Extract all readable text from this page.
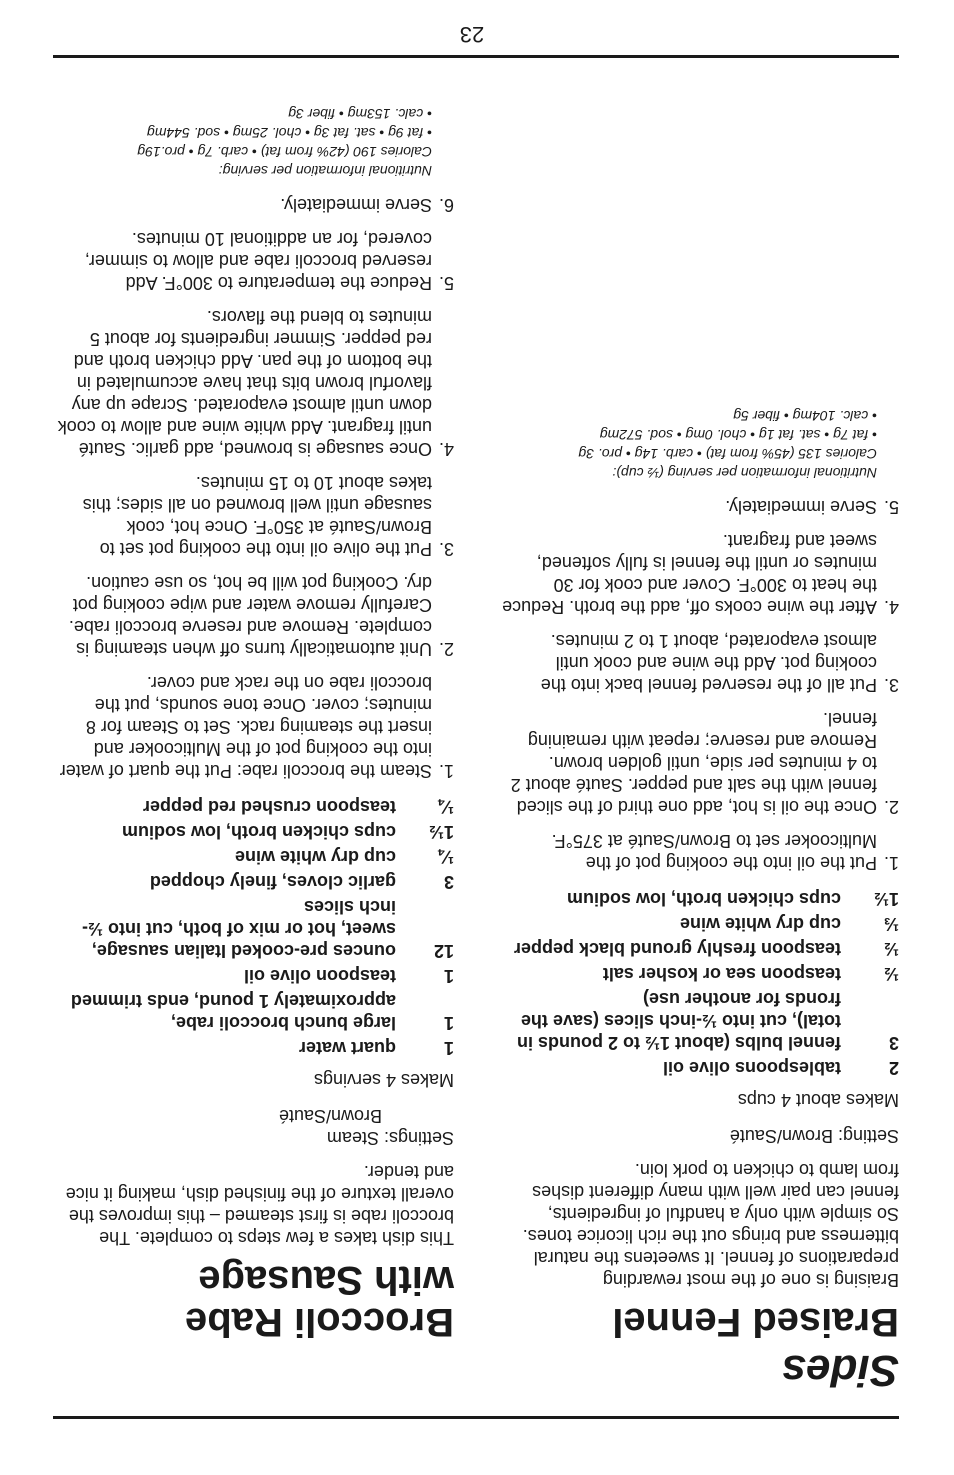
Sides
Braised Fennel

Braising is one of the most rewarding preparations of fennel. It sweetens the natural bitterness and brings out the rich licorice tones. So simple with only a handful of ingredients, fennel can pair well with many different dishes from lamb to chicken to pork loin.

Setting: Brown/Sauté

Makes about 4 cups

2
tablespoons olive oil
3
fennel bulbs (about 1½ to 2 pounds in total), cut into ½-inch slices (save the fronds for another use)
½
teaspoon sea or kosher salt
½
teaspoon freshly ground black pepper
⅓
cup dry white wine
1½
cups chicken broth, low sodium
1.
Put the oil into the cooking pot of the Multicooker set to Brown/Sauté at 375°F.
2.
Once the oil is hot, add one third of the sliced fennel with the salt and pepper. Sauté about 2 to 4 minutes per side, until golden brown. Remove and reserve; repeat with remaining fennel.
3.
Put all of the reserved fennel back into the cooking pot. Add the wine and cook until almost evaporated, about 1 to 2 minutes.
4.
After the wine cooks off, add the broth. Reduce the heat to 300°F. Cover and cook for 30 minutes or until the fennel is fully softened, sweet and fragrant.
5.
Serve immediately.
Nutritional information per serving (½ cup):
Calories 135 (45% from fat) • carb. 14g • pro. 3g
• fat 7g • sat. fat 1g • chol. 0mg • sod. 572mg
• calc. 104mg • fiber 5g
Broccoli Rabe
with Sausage

This dish takes a few steps to complete. The broccoli rabe is first steamed – this improves the overall texture of the finished dish, making it nice and tender.

Settings: Steam

Brown/Sauté

Makes 4 servings

1
quart water
1
large bunch broccoli rabe, approximately 1 pound, ends trimmed
1
teaspoon olive oil
12
ounces pre-cooked Italian sausage, sweet, hot or mix of both, cut into ½-inch slices
3
garlic cloves, finely chopped
¼
cup dry white wine
1½
cups chicken broth, low sodium
¼
teaspoon crushed red pepper
1.
Steam the broccoli rabe: Put the quart of water into the cooking pot of the Multicooker and insert the steaming rack. Set to Steam for 8 minutes; cover. Once tone sounds, put the broccoli rabe on the rack and cover.
2.
Unit automatically turns off when steaming is complete. Remove and reserve broccoli rabe. Carefully remove water and wipe cooking pot dry. Cooking pot will be hot, so use caution.
3.
Put the olive oil into the cooking pot set to Brown/Sauté at 350°F. Once hot, cook sausage until well browned on all sides; this takes about 10 to 15 minutes.
4.
Once sausage is browned, add garlic. Sauté until fragrant. Add white wine and allow to cook down until almost evaporated. Scrape up any flavorful brown bits that have accumulated in the bottom of the pan. Add chicken broth and red pepper. Simmer ingredients for about 5 minutes to blend the flavors.
5.
Reduce the temperature to 300°F. Add reserved broccoli rabe and allow to simmer, covered, for an additional 10 minutes.
6.
Serve immediately.
Nutritional information per serving:
Calories 190 (42% from fat) • carb. 7g • pro.19g
• fat 9g • sat. fat 3g • chol. 25mg • sod. 544mg
• calc. 153mg • fiber 3g
23
